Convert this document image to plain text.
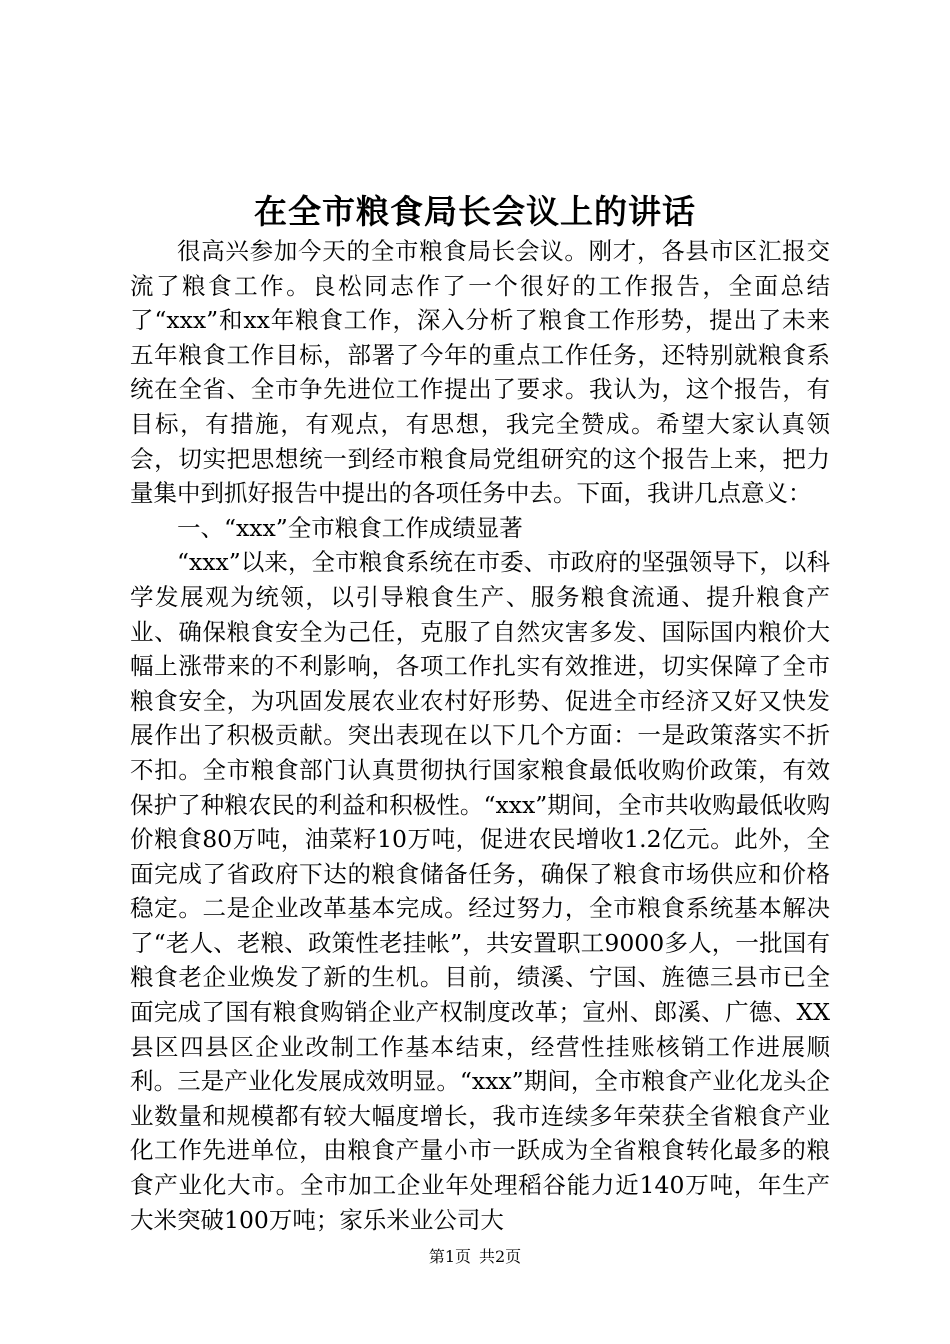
在全市粮食局长会议上的讲话

很高兴参加今天的全市粮食局长会议。刚才，各县市区汇报交流了粮食工作。良松同志作了一个很好的工作报告，全面总结了“xxx”和xx年粮食工作，深入分析了粮食工作形势，提出了未来五年粮食工作目标，部署了今年的重点工作任务，还特别就粮食系统在全省、全市争先进位工作提出了要求。我认为，这个报告，有目标，有措施，有观点，有思想，我完全赞成。希望大家认真领会，切实把思想统一到经市粮食局党组研究的这个报告上来，把力量集中到抓好报告中提出的各项任务中去。下面，我讲几点意义：

一、“xxx”全市粮食工作成绩显著

“xxx”以来，全市粮食系统在市委、市政府的坚强领导下，以科学发展观为统领，以引导粮食生产、服务粮食流通、提升粮食产业、确保粮食安全为己任，克服了自然灾害多发、国际国内粮价大幅上涨带来的不利影响，各项工作扎实有效推进，切实保障了全市粮食安全，为巩固发展农业农村好形势、促进全市经济又好又快发展作出了积极贡献。突出表现在以下几个方面：一是政策落实不折不扣。全市粮食部门认真贯彻执行国家粮食最低收购价政策，有效保护了种粮农民的利益和积极性。“xxx”期间，全市共收购最低收购价粮食80万吨，油菜籽10万吨，促进农民增收1.2亿元。此外，全面完成了省政府下达的粮食储备任务，确保了粮食市场供应和价格稳定。二是企业改革基本完成。经过努力，全市粮食系统基本解决了“老人、老粮、政策性老挂帐”，共安置职工9000多人，一批国有粮食老企业焕发了新的生机。目前，绩溪、宁国、旌德三县市已全面完成了国有粮食购销企业产权制度改革；宣州、郎溪、广德、XX县区四县区企业改制工作基本结束，经营性挂账核销工作进展顺利。三是产业化发展成效明显。“xxx”期间，全市粮食产业化龙头企业数量和规模都有较大幅度增长，我市连续多年荣获全省粮食产业化工作先进单位，由粮食产量小市一跃成为全省粮食转化最多的粮食产业化大市。全市加工企业年处理稻谷能力近140万吨，年生产大米突破100万吨；家乐米业公司大

第1页 共2页
